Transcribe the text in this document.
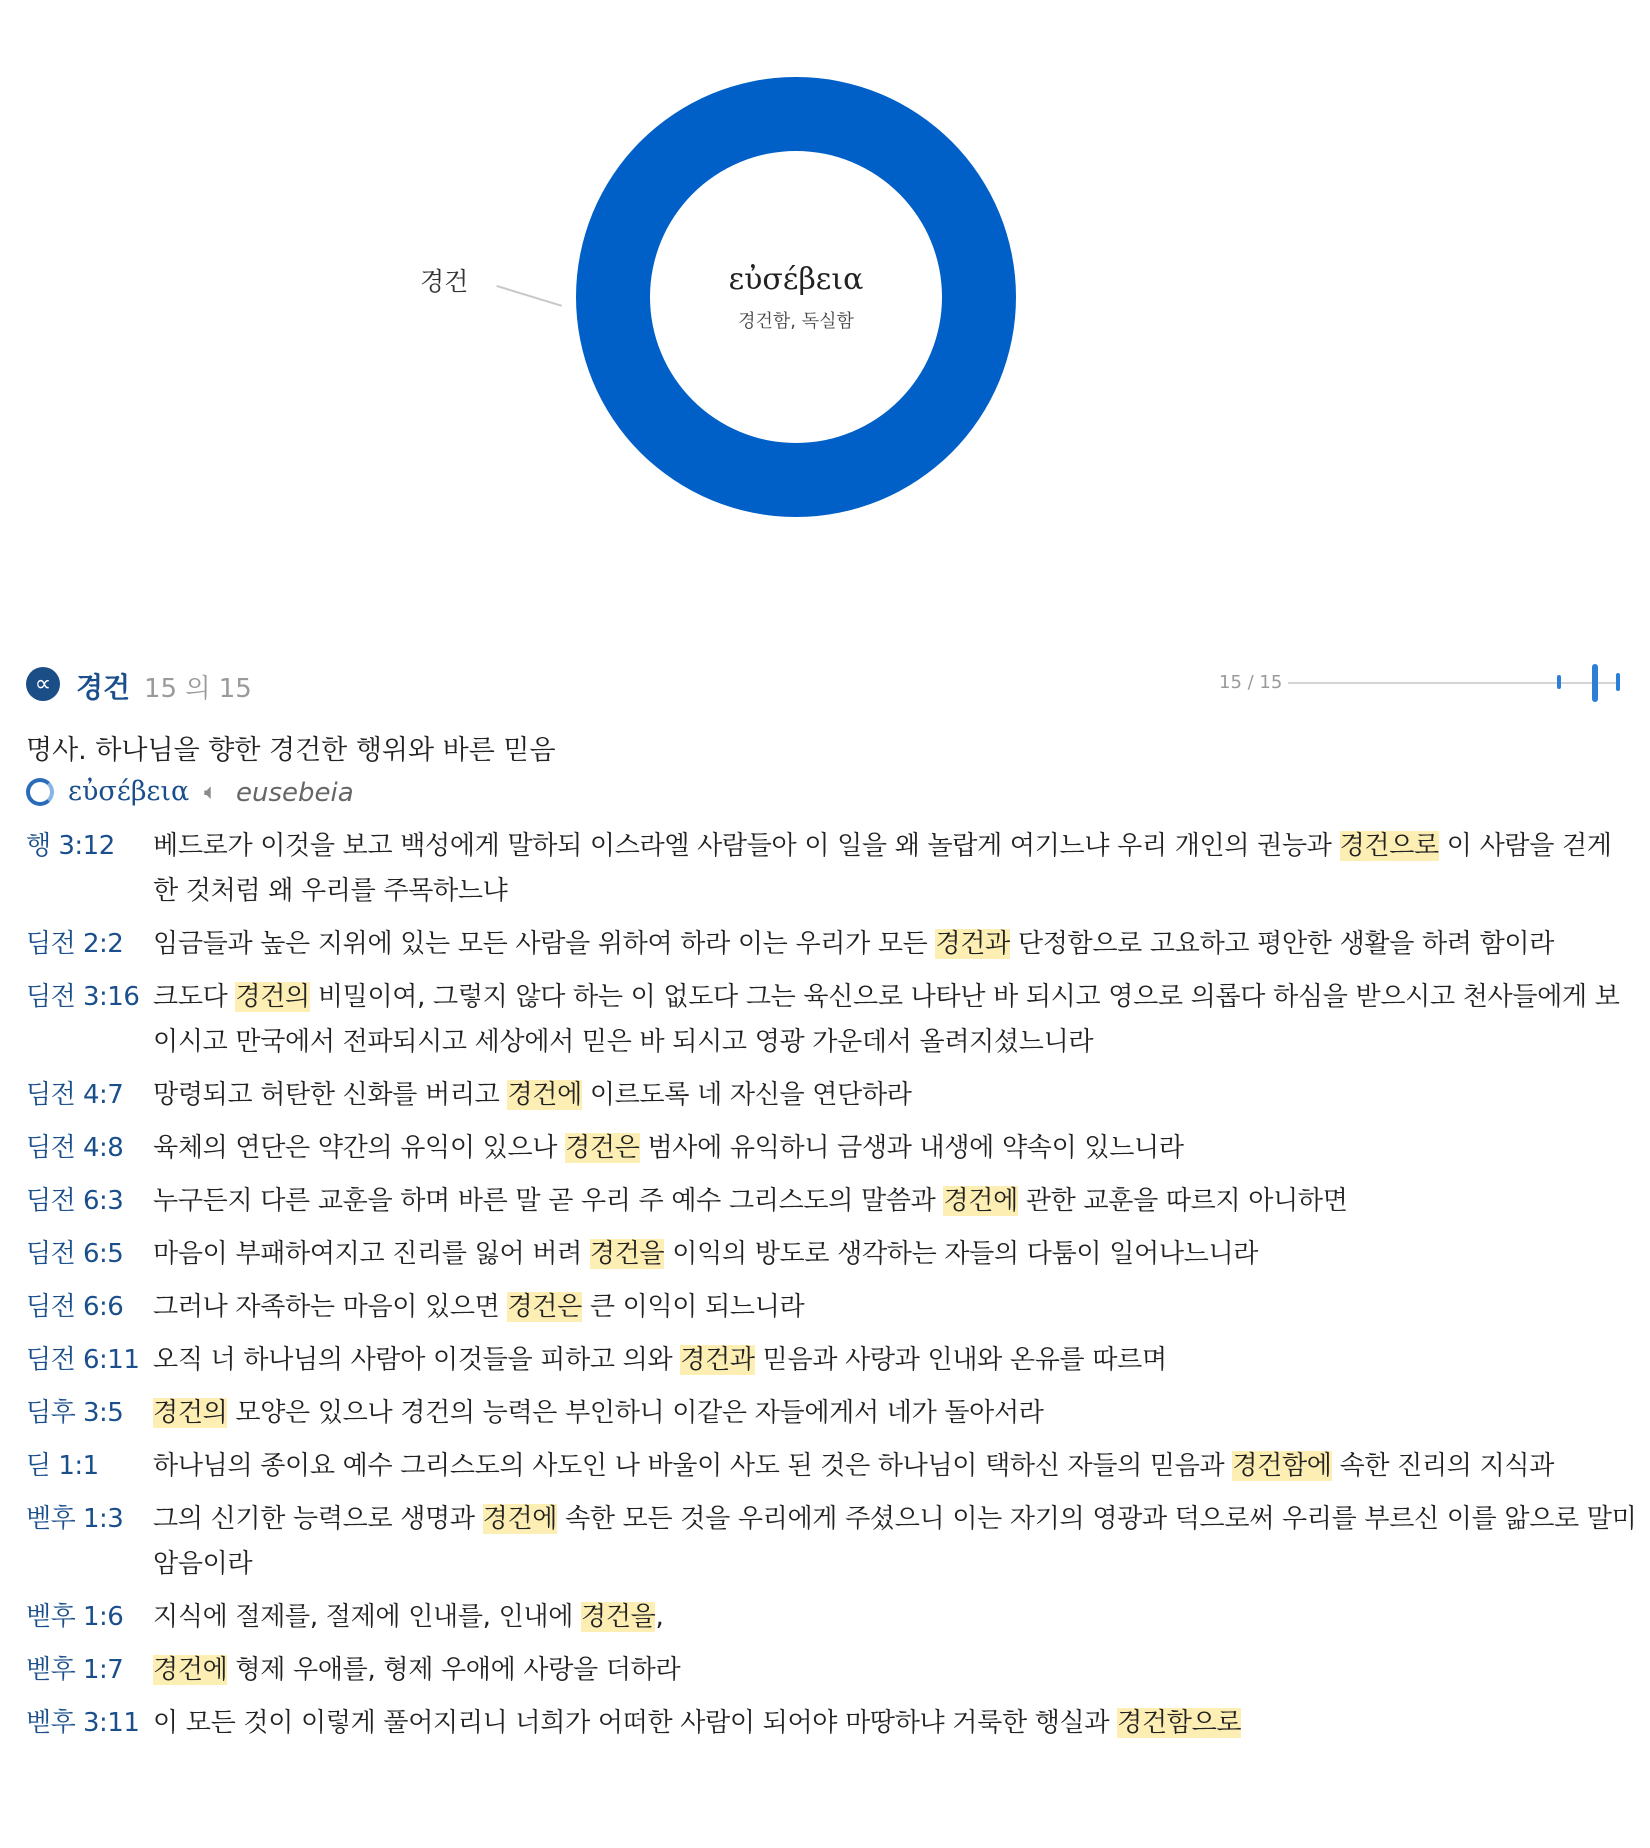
εὐσέβεια
경건함, 독실함
경건
∝ 경건 15 의 15	15 / 15
명사. 하나님을 향한 경건한 행위와 바른 믿음
εὐσέβεια 🔈︎ eusebeia
행 3:12	베드로가 이것을 보고 백성에게 말하되 이스라엘 사람들아 이 일을 왜 놀랍게 여기느냐 우리 개인의 권능과 경건으로 이 사람을 걷게 한 것처럼 왜 우리를 주목하느냐
딤전 2:2	임금들과 높은 지위에 있는 모든 사람을 위하여 하라 이는 우리가 모든 경건과 단정함으로 고요하고 평안한 생활을 하려 함이라
딤전 3:16 크도다 경건의 비밀이여, 그렇지 않다 하는 이 없도다 그는 육신으로 나타난 바 되시고 영으로 의롭다 하심을 받으시고 천사들에게 보이시고 만국에서 전파되시고 세상에서 믿은 바 되시고 영광 가운데서 올려지셨느니라
딤전 4:7	망령되고 허탄한 신화를 버리고 경건에 이르도록 네 자신을 연단하라
딤전 4:8	육체의 연단은 약간의 유익이 있으나 경건은 범사에 유익하니 금생과 내생에 약속이 있느니라
딤전 6:3	누구든지 다른 교훈을 하며 바른 말 곧 우리 주 예수 그리스도의 말씀과 경건에 관한 교훈을 따르지 아니하면
딤전 6:5	마음이 부패하여지고 진리를 잃어 버려 경건을 이익의 방도로 생각하는 자들의 다툼이 일어나느니라
딤전 6:6	그러나 자족하는 마음이 있으면 경건은 큰 이익이 되느니라
딤전 6:11 오직 너 하나님의 사람아 이것들을 피하고 의와 경건과 믿음과 사랑과 인내와 온유를 따르며
딤후 3:5	경건의 모양은 있으나 경건의 능력은 부인하니 이같은 자들에게서 네가 돌아서라
딛 1:1	하나님의 종이요 예수 그리스도의 사도인 나 바울이 사도 된 것은 하나님이 택하신 자들의 믿음과 경건함에 속한 진리의 지식과
벧후 1:3	그의 신기한 능력으로 생명과 경건에 속한 모든 것을 우리에게 주셨으니 이는 자기의 영광과 덕으로써 우리를 부르신 이를 앎으로 말미암음이라
벧후 1:6	지식에 절제를, 절제에 인내를, 인내에 경건을,
벧후 1:7	경건에 형제 우애를, 형제 우애에 사랑을 더하라
벧후 3:11 이 모든 것이 이렇게 풀어지리니 너희가 어떠한 사람이 되어야 마땅하냐 거룩한 행실과 경건함으로
